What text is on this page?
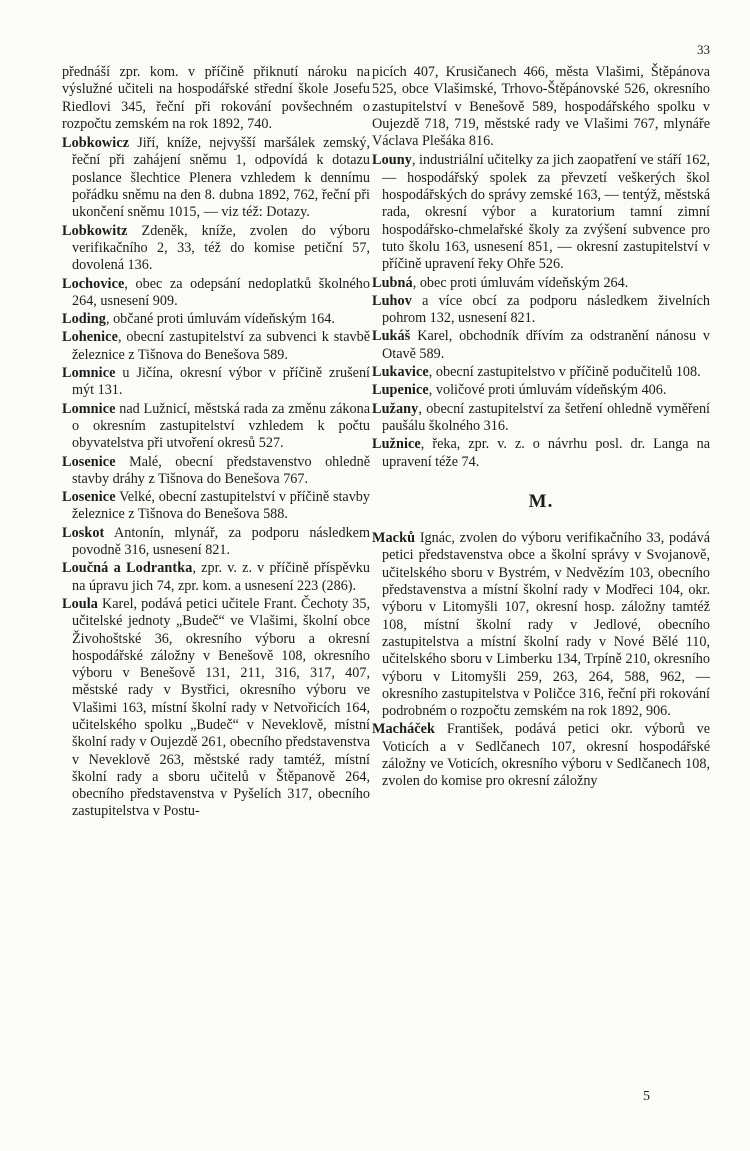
33

přednáší zpr. kom. v příčině přiknutí nároku na výslužné učiteli na hospodářské střední škole Josefu Riedlovi 345, řeční při rokování povšechném o rozpočtu zemském na rok 1892, 740.

Lobkowicz Jiří, kníže, nejvyšší maršálek zemský, řeční při zahájení sněmu 1, odpovídá k dotazu poslance šlechtice Plenera vzhledem k dennímu pořádku sněmu na den 8. dubna 1892, 762, řeční při ukončení sněmu 1015, — viz též: Dotazy.

Lobkowitz Zdeněk, kníže, zvolen do výboru verifikačního 2, 33, též do komise petiční 57, dovolená 136.

Lochovice, obec za odepsání nedoplatků školného 264, usnesení 909.

Loding, občané proti úmluvám vídeňským 164.

Lohenice, obecní zastupitelství za subvenci k stavbě železnice z Tišnova do Benešova 589.

Lomnice u Jičína, okresní výbor v příčině zrušení mýt 131.

Lomnice nad Lužnicí, městská rada za změnu zákona o okresním zastupitelství vzhledem k počtu obyvatelstva při utvoření okresů 527.

Losenice Malé, obecní představenstvo ohledně stavby dráhy z Tišnova do Benešova 767.

Losenice Velké, obecní zastupitelství v příčině stavby železnice z Tišnova do Benešova 588.

Loskot Antonín, mlynář, za podporu následkem povodně 316, usnesení 821.

Loučná a Lodrantka, zpr. v. z. v příčině příspěvku na úpravu jich 74, zpr. kom. a usnesení 223 (286).

Loula Karel, podává petici učitele Frant. Čechoty 35, učitelské jednoty „Budeč“ ve Vlašimi, školní obce Živohoštské 36, okresního výboru a okresní hospodářské záložny v Benešově 108, okresního výboru v Benešově 131, 211, 316, 317, 407, městské rady v Bystřici, okresního výboru ve Vlašimi 163, místní školní rady v Netvořicích 164, učitelského spolku „Budeč“ v Neveklově, místní školní rady v Oujezdě 261, obecního představenstva v Neveklově 263, městské rady tamtéž, místní školní rady a sboru učitelů v Štěpanově 264, obecního představenstva v Pyšelích 317, obecního zastupitelstva v Postu-

picích 407, Krusičanech 466, města Vlašimi, Štěpánova 525, obce Vlašimské, Trhovo-Štěpánovské 526, okresního zastupitelství v Benešově 589, hospodářského spolku v Oujezdě 718, 719, městské rady ve Vlašimi 767, mlynáře Václava Plešáka 816.

Louny, industriální učitelky za jich zaopatření ve stáří 162, — hospodářský spolek za převzetí veškerých škol hospodářských do správy zemské 163, — tentýž, městská rada, okresní výbor a kuratorium tamní zimní hospodářsko-chmelařské školy za zvýšení subvence pro tuto školu 163, usnesení 851, — okresní zastupitelství v příčině upravení řeky Ohře 526.

Lubná, obec proti úmluvám vídeňským 264.

Luhov a více obcí za podporu následkem živelních pohrom 132, usnesení 821.

Lukáš Karel, obchodník dřívím za odstranění nánosu v Otavě 589.

Lukavice, obecní zastupitelstvo v příčině podučitelů 108.

Lupenice, voličové proti úmluvám vídeňským 406.

Lužany, obecní zastupitelství za šetření ohledně vyměření paušálu školného 316.

Lužnice, řeka, zpr. v. z. o návrhu posl. dr. Langa na upravení téže 74.

M.

Macků Ignác, zvolen do výboru verifikačního 33, podává petici představenstva obce a školní správy v Svojanově, učitelského sboru v Bystrém, v Nedvězím 103, obecního představenstva a místní školní rady v Modřeci 104, okr. výboru v Litomyšli 107, okresní hosp. záložny tamtéž 108, místní školní rady v Jedlové, obecního zastupitelstva a místní školní rady v Nové Bělé 110, učitelského sboru v Limberku 134, Trpíně 210, okresního výboru v Litomyšli 259, 263, 264, 588, 962, — okresního zastupitelstva v Poličce 316, řeční při rokování podrobném o rozpočtu zemském na rok 1892, 906.

Macháček František, podává petici okr. výborů ve Voticích a v Sedlčanech 107, okresní hospodářské záložny ve Voticích, okresního výboru v Sedlčanech 108, zvolen do komise pro okresní záložny

5
